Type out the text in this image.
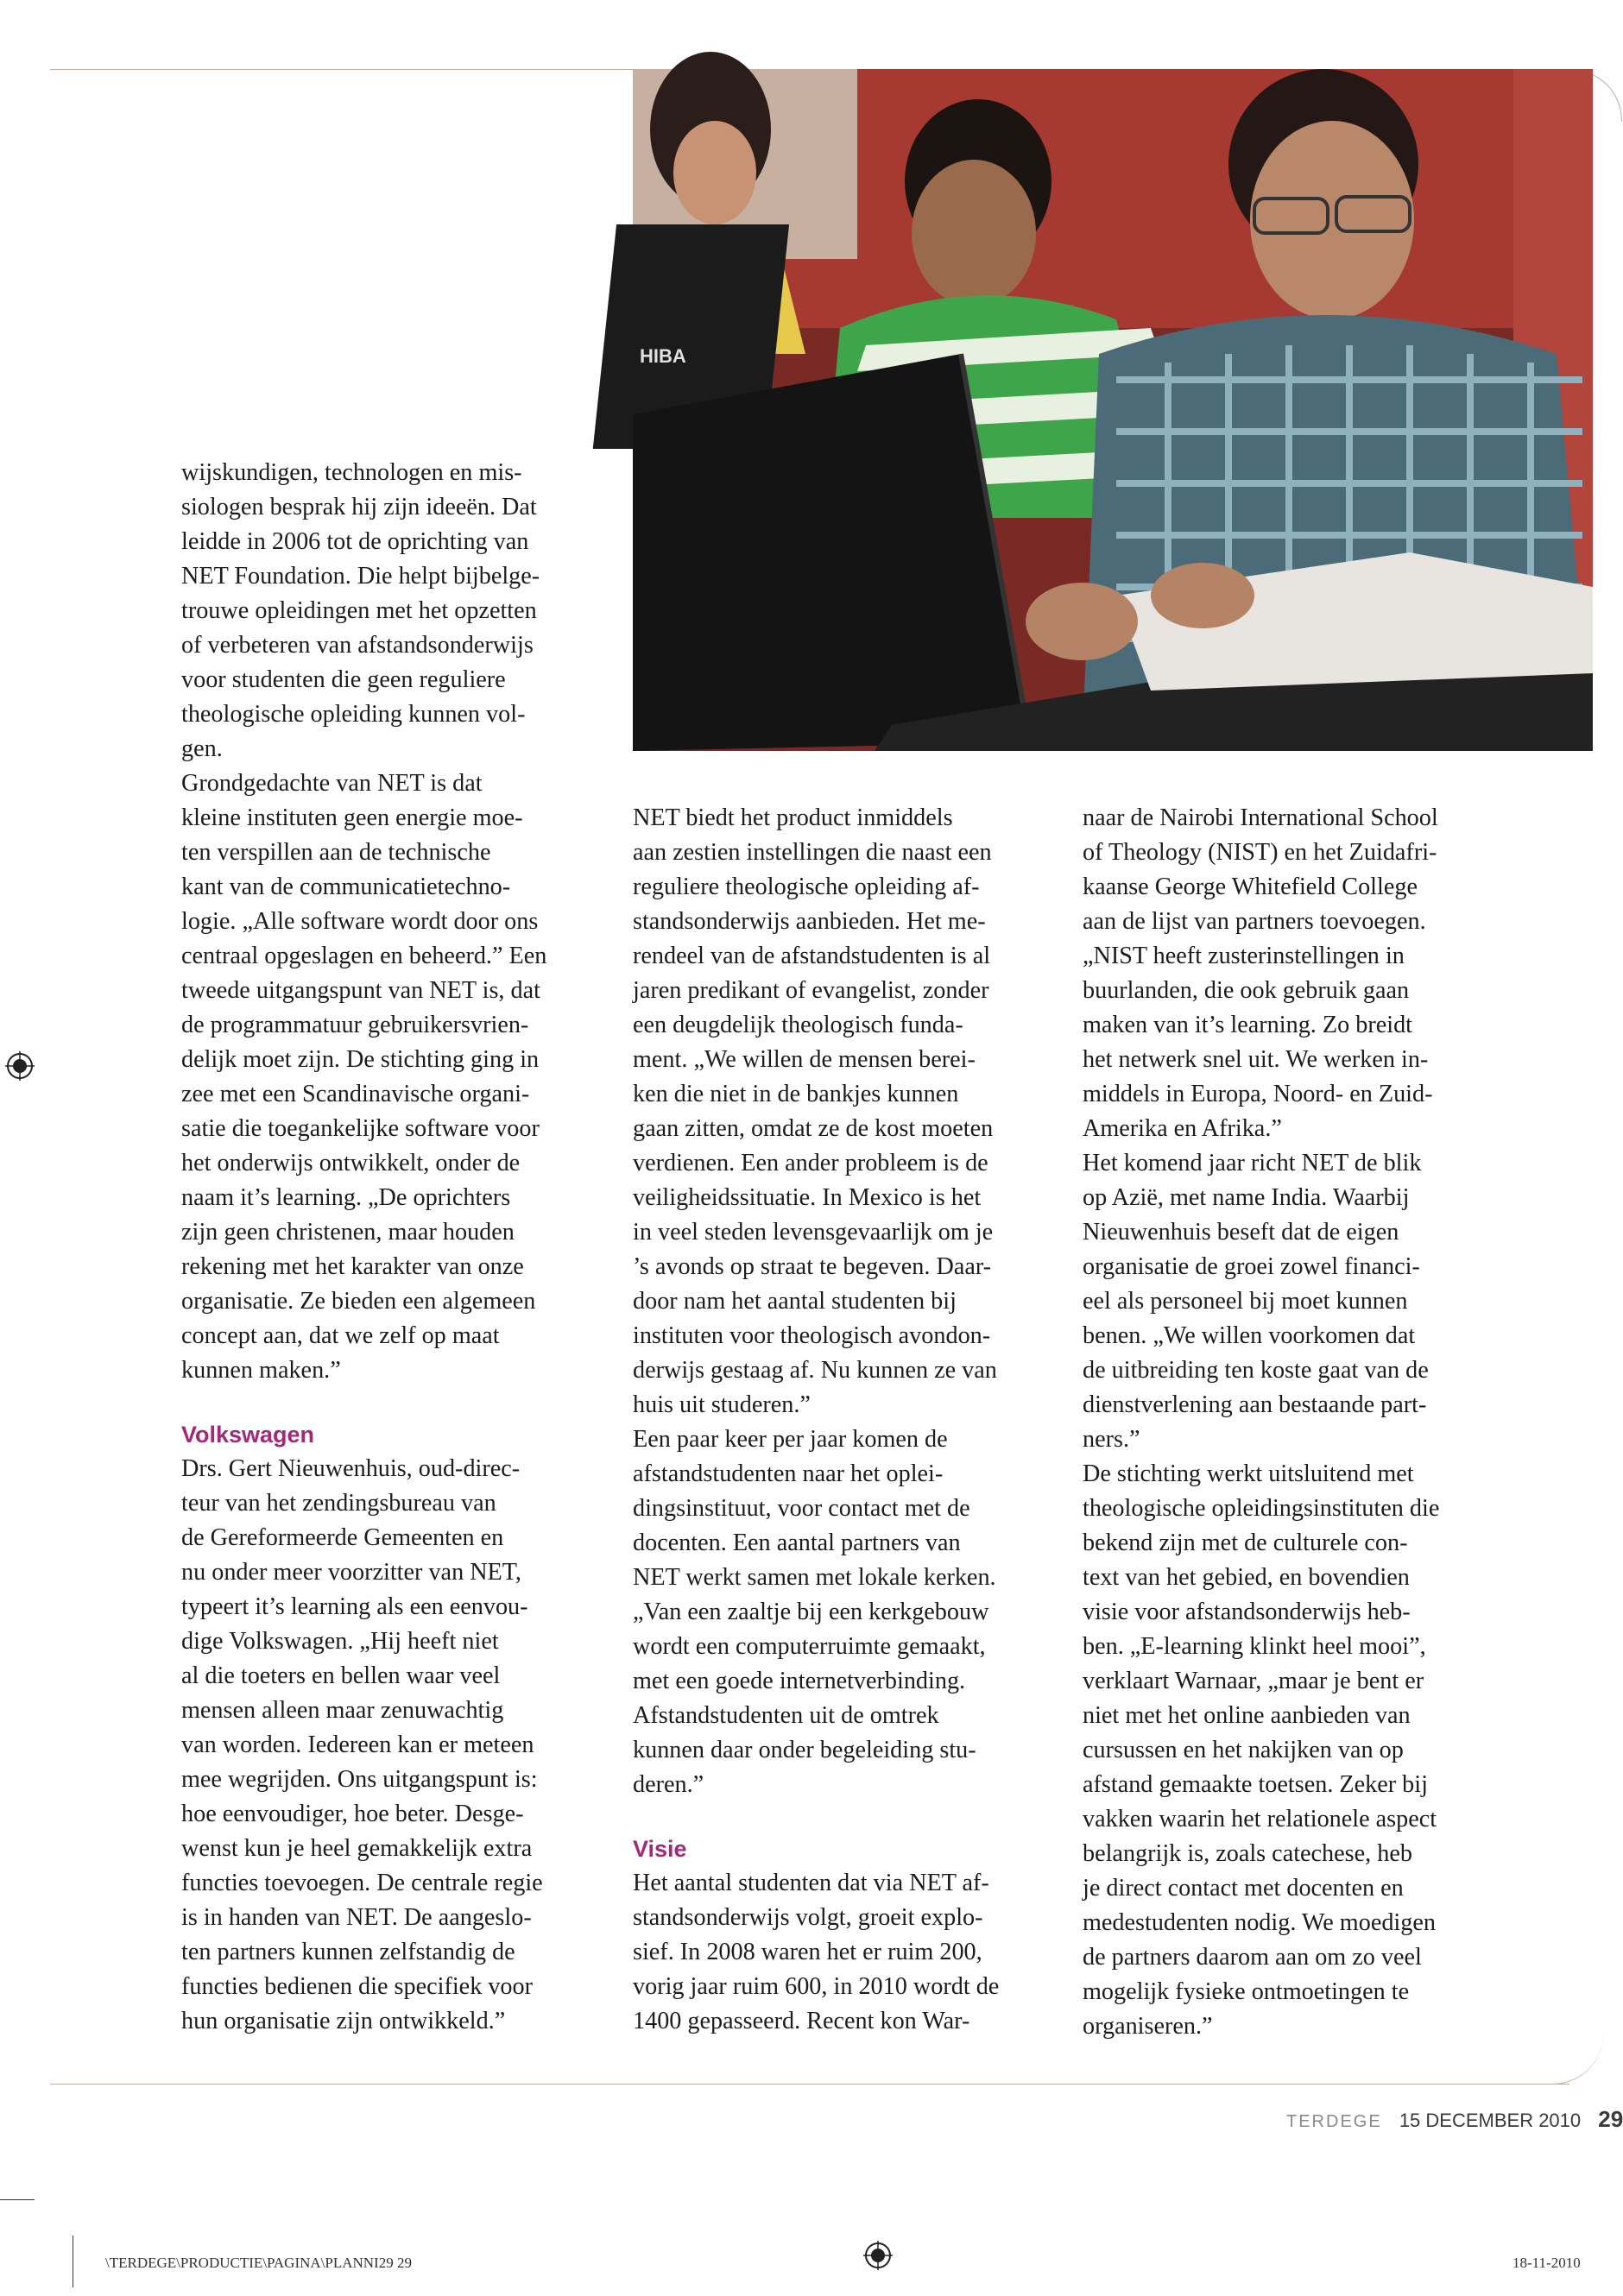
HIBA

wijskundigen, technologen en mis-
siologen besprak hij zijn ideeën. Dat
leidde in 2006 tot de oprichting van
NET Foundation. Die helpt bijbelge-
trouwe opleidingen met het opzetten
of verbeteren van afstandsonderwijs
voor studenten die geen reguliere
theologische opleiding kunnen vol-
gen.

Grondgedachte van NET is dat
kleine instituten geen energie moe-
ten verspillen aan de technische
kant van de communicatietechno-
logie. „Alle software wordt door ons
centraal opgeslagen en beheerd.” Een
tweede uitgangspunt van NET is, dat
de programmatuur gebruikersvrien-
delijk moet zijn. De stichting ging in
zee met een Scandinavische organi-
satie die toegankelijke software voor
het onderwijs ontwikkelt, onder de
naam it’s learning. „De oprichters
zijn geen christenen, maar houden
rekening met het karakter van onze
organisatie. Ze bieden een algemeen
concept aan, dat we zelf op maat
kunnen maken.”

Volkswagen

Drs. Gert Nieuwenhuis, oud-direc-
teur van het zendingsbureau van
de Gereformeerde Gemeenten en
nu onder meer voorzitter van NET,
typeert it’s learning als een eenvou-
dige Volkswagen. „Hij heeft niet
al die toeters en bellen waar veel
mensen alleen maar zenuwachtig
van worden. Iedereen kan er meteen
mee wegrijden. Ons uitgangspunt is:
hoe eenvoudiger, hoe beter. Desge-
wenst kun je heel gemakkelijk extra
functies toevoegen. De centrale regie
is in handen van NET. De aangeslo-
ten partners kunnen zelfstandig de
functies bedienen die specifiek voor
hun organisatie zijn ontwikkeld.”

NET biedt het product inmiddels
aan zestien instellingen die naast een
reguliere theologische opleiding af-
standsonderwijs aanbieden. Het me-
rendeel van de afstandstudenten is al
jaren predikant of evangelist, zonder
een deugdelijk theologisch funda-
ment. „We willen de mensen berei-
ken die niet in de bankjes kunnen
gaan zitten, omdat ze de kost moeten
verdienen. Een ander probleem is de
veiligheidssituatie. In Mexico is het
in veel steden levensgevaarlijk om je
’s avonds op straat te begeven. Daar-
door nam het aantal studenten bij
instituten voor theologisch avondon-
derwijs gestaag af. Nu kunnen ze van
huis uit studeren.”

Een paar keer per jaar komen de
afstandstudenten naar het oplei-
dingsinstituut, voor contact met de
docenten. Een aantal partners van
NET werkt samen met lokale kerken.
„Van een zaaltje bij een kerkgebouw
wordt een computerruimte gemaakt,
met een goede internetverbinding.
Afstandstudenten uit de omtrek
kunnen daar onder begeleiding stu-
deren.”

Visie

Het aantal studenten dat via NET af-
standsonderwijs volgt, groeit explo-
sief. In 2008 waren het er ruim 200,
vorig jaar ruim 600, in 2010 wordt de
1400 gepasseerd. Recent kon War-

naar de Nairobi International School
of Theology (NIST) en het Zuidafri-
kaanse George Whitefield College
aan de lijst van partners toevoegen.
„NIST heeft zusterinstellingen in
buurlanden, die ook gebruik gaan
maken van it’s learning. Zo breidt
het netwerk snel uit. We werken in-
middels in Europa, Noord- en Zuid-
Amerika en Afrika.”

Het komend jaar richt NET de blik
op Azië, met name India. Waarbij
Nieuwenhuis beseft dat de eigen
organisatie de groei zowel financi-
eel als personeel bij moet kunnen
benen. „We willen voorkomen dat
de uitbreiding ten koste gaat van de
dienstverlening aan bestaande part-
ners.”

De stichting werkt uitsluitend met
theologische opleidingsinstituten die
bekend zijn met de culturele con-
text van het gebied, en bovendien
visie voor afstandsonderwijs heb-
ben. „E-learning klinkt heel mooi”,
verklaart Warnaar, „maar je bent er
niet met het online aanbieden van
cursussen en het nakijken van op
afstand gemaakte toetsen. Zeker bij
vakken waarin het relationele aspect
belangrijk is, zoals catechese, heb
je direct contact met docenten en
medestudenten nodig. We moedigen
de partners daarom aan om zo veel
mogelijk fysieke ontmoetingen te
organiseren.”

TERDEGE 15 DECEMBER 2010 29
\TERDEGE\PRODUCTIE\PAGINA\PLANNI29 29	18-11-2010
